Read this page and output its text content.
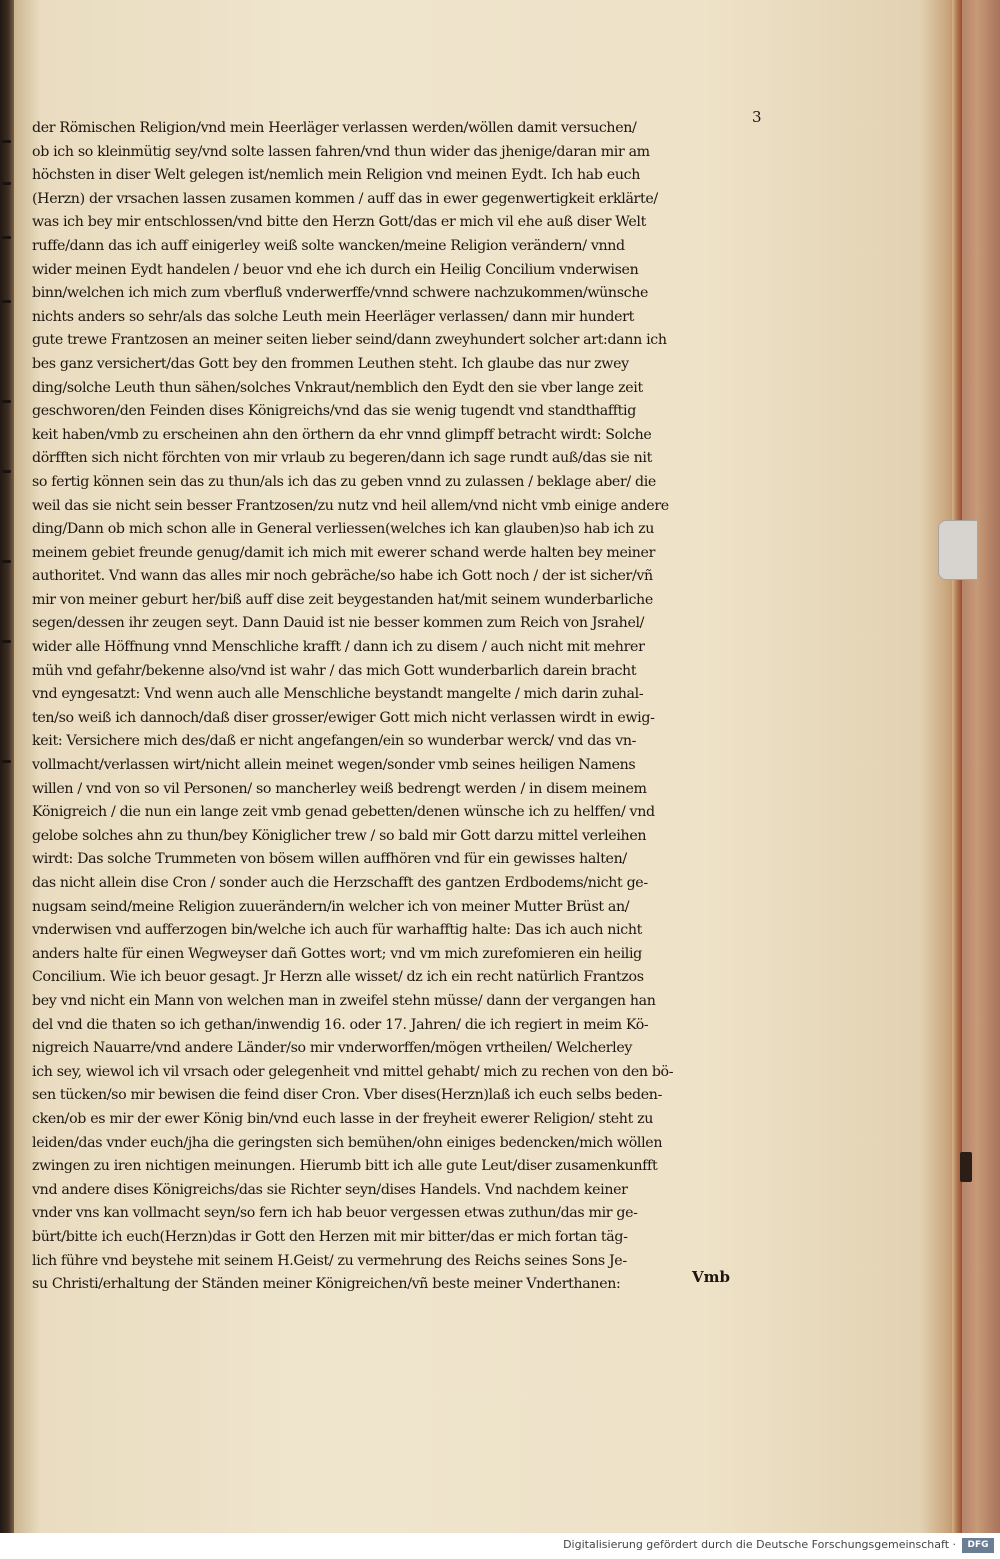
3
der Römischen Religion/vnd mein Heerläger verlassen werden/wöllen damit versuchen/
ob ich so kleinmütig sey/vnd solte lassen fahren/vnd thun wider das jhenige/daran mir am
höchsten in diser Welt gelegen ist/nemlich mein Religion vnd meinen Eydt. Ich hab euch
(Herzn) der vrsachen lassen zusamen kommen / auff das in ewer gegenwertigkeit erklärte/
was ich bey mir entschlossen/vnd bitte den Herzn Gott/das er mich vil ehe auß diser Welt
ruffe/dann das ich auff einigerley weiß solte wancken/meine Religion verändern/ vnnd
wider meinen Eydt handelen / beuor vnd ehe ich durch ein Heilig Concilium vnderwisen
binn/welchen ich mich zum vberfluß vnderwerffe/vnnd schwere nachzukommen/wünsche
nichts anders so sehr/als das solche Leuth mein Heerläger verlassen/ dann mir hundert
gute trewe Frantzosen an meiner seiten lieber seind/dann zweyhundert solcher art:dann ich
bes ganz versichert/das Gott bey den frommen Leuthen steht. Ich glaube das nur zwey
ding/solche Leuth thun sähen/solches Vnkraut/nemblich den Eydt den sie vber lange zeit
geschworen/den Feinden dises Königreichs/vnd das sie wenig tugendt vnd standthafftig
keit haben/vmb zu erscheinen ahn den örthern da ehr vnnd glimpff betracht wirdt: Solche
dörfften sich nicht förchten von mir vrlaub zu begeren/dann ich sage rundt auß/das sie nit
so fertig können sein das zu thun/als ich das zu geben vnnd zu zulassen / beklage aber/ die
weil das sie nicht sein besser Frantzosen/zu nutz vnd heil allem/vnd nicht vmb einige andere
ding/Dann ob mich schon alle in General verliessen(welches ich kan glauben)so hab ich zu
meinem gebiet freunde genug/damit ich mich mit ewerer schand werde halten bey meiner
authoritet. Vnd wann das alles mir noch gebräche/so habe ich Gott noch / der ist sicher/vñ
mir von meiner geburt her/biß auff dise zeit beygestanden hat/mit seinem wunderbarliche
segen/dessen ihr zeugen seyt. Dann Dauid ist nie besser kommen zum Reich von Jsrahel/
wider alle Höffnung vnnd Menschliche krafft / dann ich zu disem / auch nicht mit mehrer
müh vnd gefahr/bekenne also/vnd ist wahr / das mich Gott wunderbarlich darein bracht
vnd eyngesatzt: Vnd wenn auch alle Menschliche beystandt mangelte / mich darin zuhal-
ten/so weiß ich dannoch/daß diser grosser/ewiger Gott mich nicht verlassen wirdt in ewig-
keit: Versichere mich des/daß er nicht angefangen/ein so wunderbar werck/ vnd das vn-
vollmacht/verlassen wirt/nicht allein meinet wegen/sonder vmb seines heiligen Namens
willen / vnd von so vil Personen/ so mancherley weiß bedrengt werden / in disem meinem
Königreich / die nun ein lange zeit vmb genad gebetten/denen wünsche ich zu helffen/ vnd
gelobe solches ahn zu thun/bey Königlicher trew / so bald mir Gott darzu mittel verleihen
wirdt: Das solche Trummeten von bösem willen auffhören vnd für ein gewisses halten/
das nicht allein dise Cron / sonder auch die Herzschafft des gantzen Erdbodems/nicht ge-
nugsam seind/meine Religion zuuerändern/in welcher ich von meiner Mutter Brüst an/
vnderwisen vnd aufferzogen bin/welche ich auch für warhafftig halte: Das ich auch nicht
anders halte für einen Wegweyser dañ Gottes wort; vnd vm mich zurefomieren ein heilig
Concilium. Wie ich beuor gesagt. Jr Herzn alle wisset/ dz ich ein recht natürlich Frantzos
bey vnd nicht ein Mann von welchen man in zweifel stehn müsse/ dann der vergangen han
del vnd die thaten so ich gethan/inwendig 16. oder 17. Jahren/ die ich regiert in meim Kö-
nigreich Nauarre/vnd andere Länder/so mir vnderworffen/mögen vrtheilen/ Welcherley
ich sey, wiewol ich vil vrsach oder gelegenheit vnd mittel gehabt/ mich zu rechen von den bö-
sen tücken/so mir bewisen die feind diser Cron. Vber dises(Herzn)laß ich euch selbs beden-
cken/ob es mir der ewer König bin/vnd euch lasse in der freyheit ewerer Religion/ steht zu
leiden/das vnder euch/jha die geringsten sich bemühen/ohn einiges bedencken/mich wöllen
zwingen zu iren nichtigen meinungen. Hierumb bitt ich alle gute Leut/diser zusamenkunfft
vnd andere dises Königreichs/das sie Richter seyn/dises Handels. Vnd nachdem keiner
vnder vns kan vollmacht seyn/so fern ich hab beuor vergessen etwas zuthun/das mir ge-
bürt/bitte ich euch(Herzn)das ir Gott den Herzen mit mir bitter/das er mich fortan täg-
lich führe vnd beystehe mit seinem H.Geist/ zu vermehrung des Reichs seines Sons Je-
su Christi/erhaltung der Ständen meiner Königreichen/vñ beste meiner Vnderthanen:	Vmb
Digitalisierung gefördert durch die Deutsche Forschungsgemeinschaft ·	DFG
